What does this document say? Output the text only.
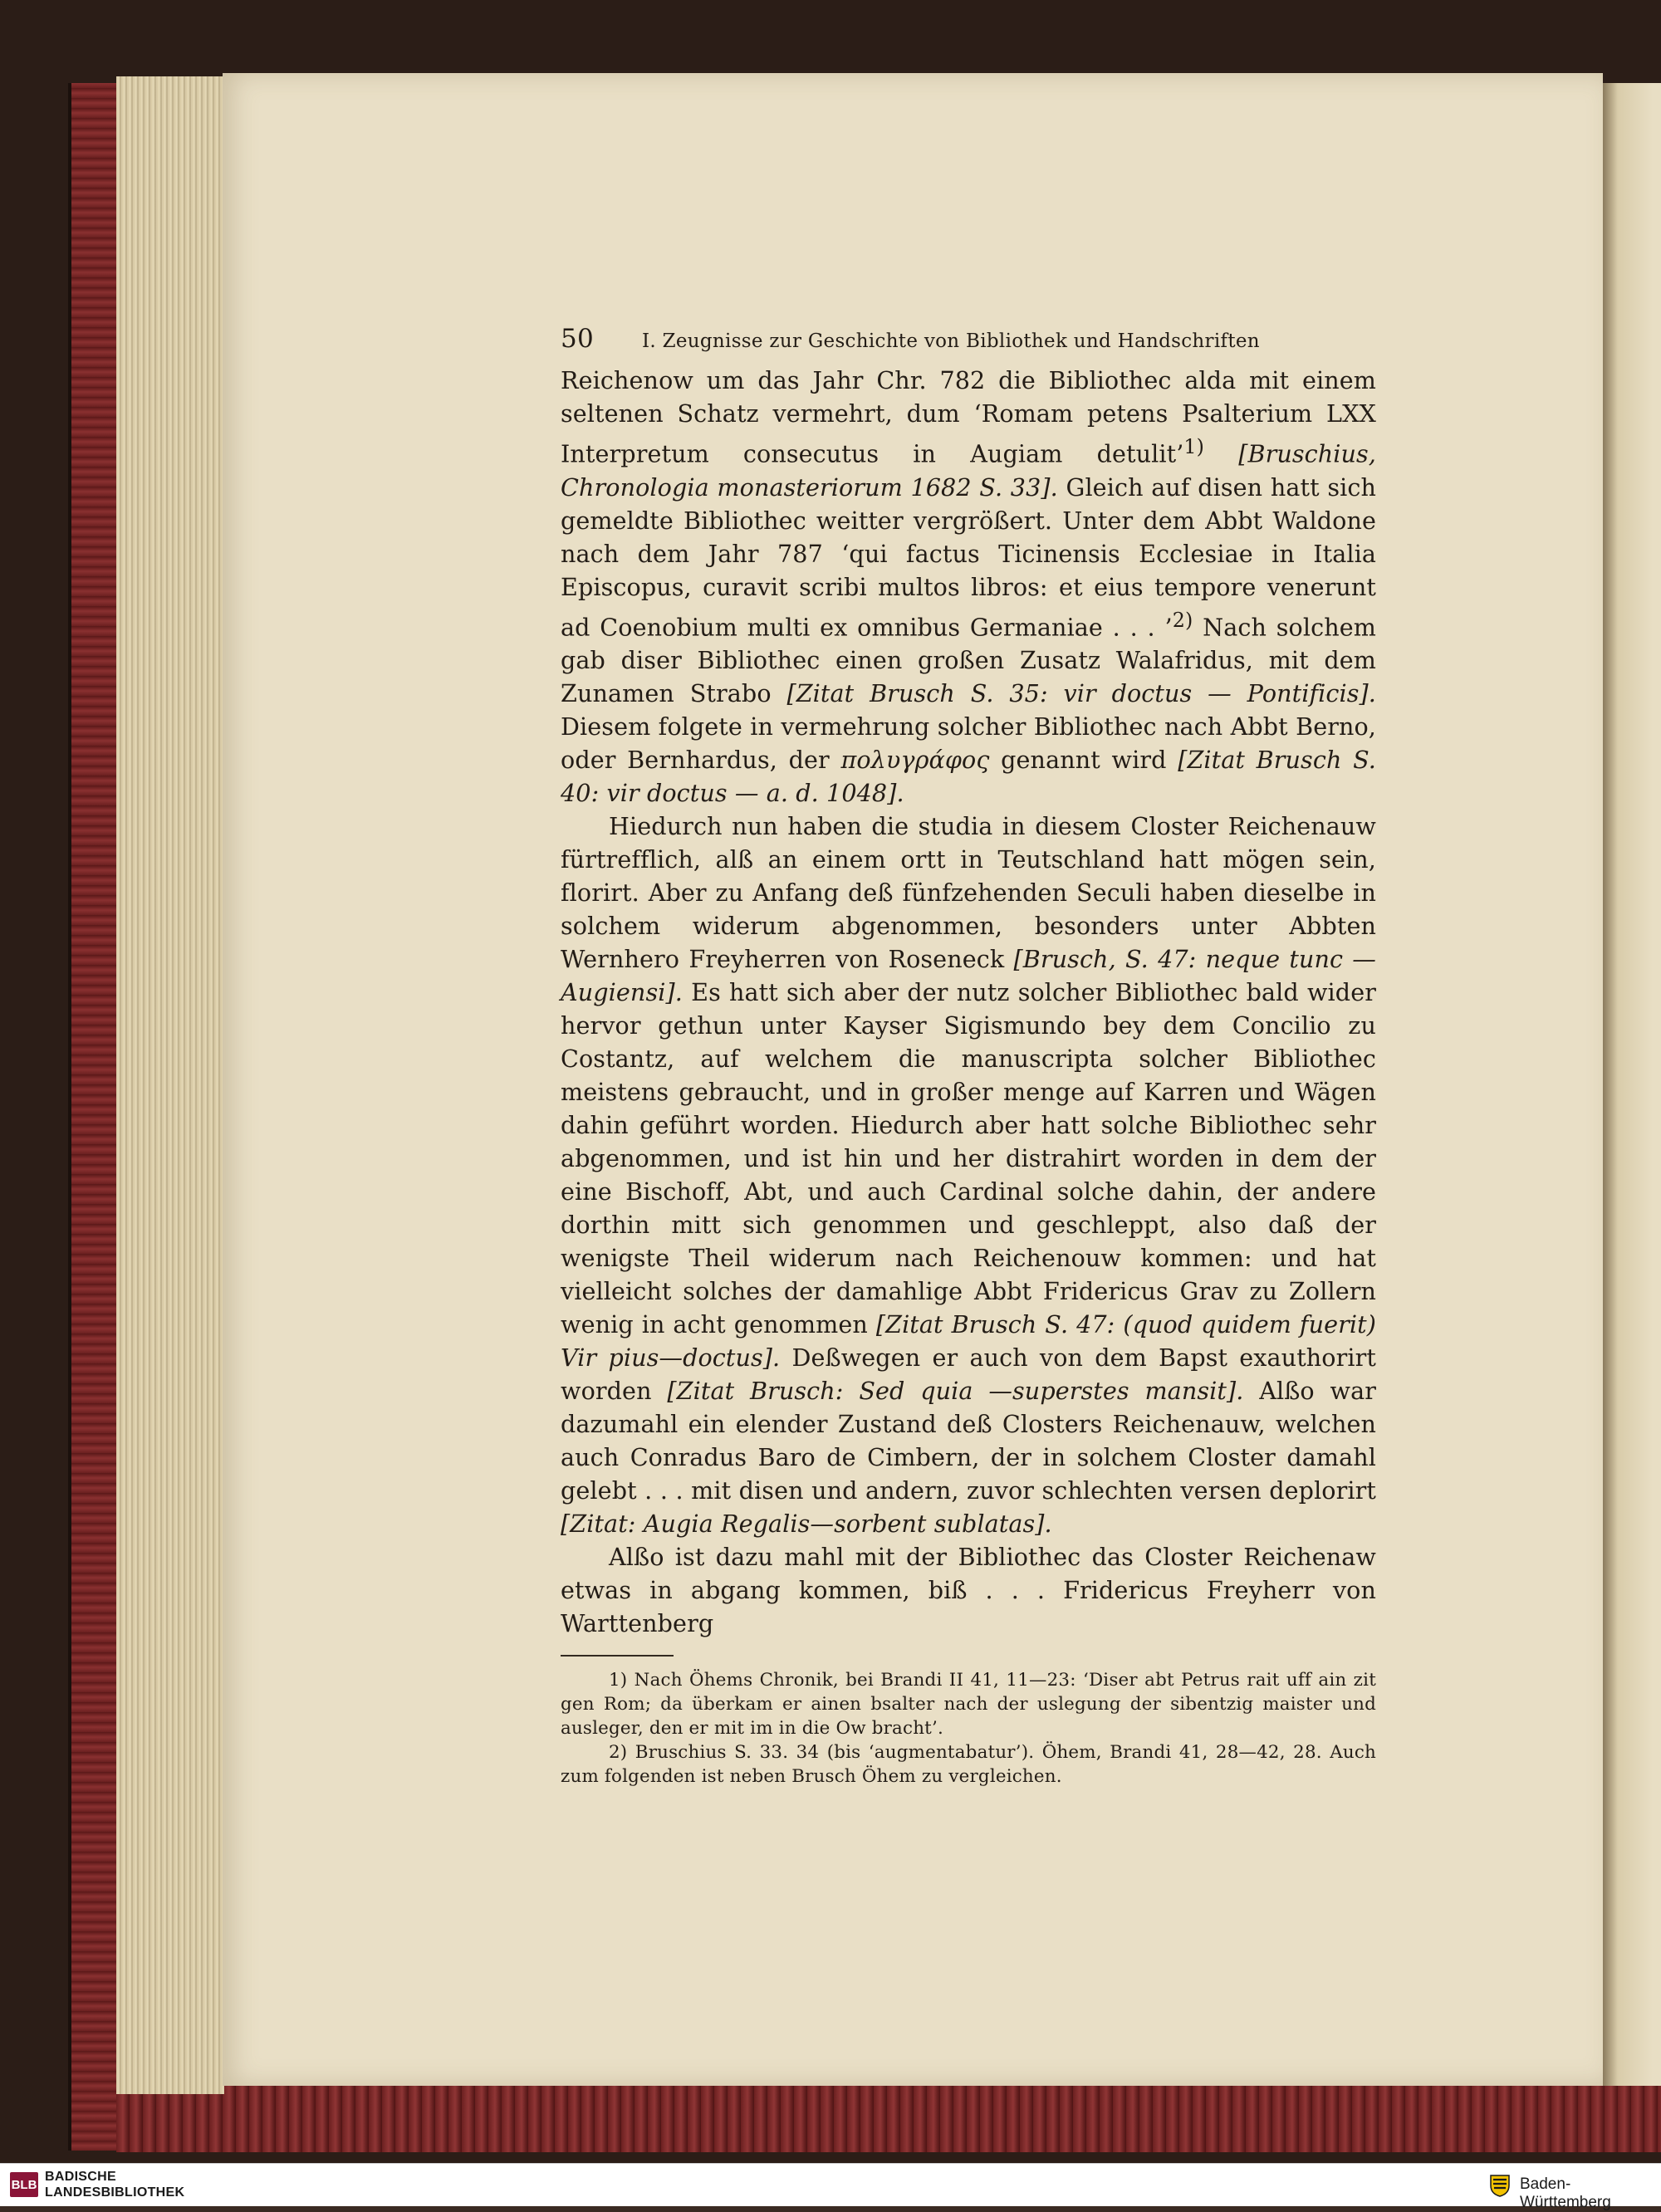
50	I. Zeugnisse zur Geschichte von Bibliothek und Handschriften

Reichenow um das Jahr Chr. 782 die Bibliothec alda mit einem seltenen Schatz vermehrt, dum ‘Romam petens Psalterium LXX Interpretum consecutus in Augiam detulit’$^{1)}$ [Bruschius, Chronologia monasteriorum 1682 S. 33]. Gleich auf disen hatt sich gemeldte Bibliothec weitter vergrößert. Unter dem Abbt Waldone nach dem Jahr 787 ‘qui factus Ticinensis Ecclesiae in Italia Episcopus, curavit scribi multos libros: et eius tempore venerunt ad Coenobium multi ex omnibus Germaniae . . . ’$^{2)}$ Nach solchem gab diser Bibliothec einen großen Zusatz Walafridus, mit dem Zunamen Strabo [Zitat Brusch S. 35: vir doctus — Pontificis]. Diesem folgete in vermehrung solcher Bibliothec nach Abbt Berno, oder Bernhardus, der πολυγράφος genannt wird [Zitat Brusch S. 40: vir doctus — a. d. 1048].

Hiedurch nun haben die studia in diesem Closter Reichenauw fürtrefflich, alß an einem ortt in Teutschland hatt mögen sein, florirt. Aber zu Anfang deß fünfzehenden Seculi haben dieselbe in solchem widerum abgenommen, besonders unter Abbten Wernhero Freyherren von Roseneck [Brusch, S. 47: neque tunc — Augiensi]. Es hatt sich aber der nutz solcher Bibliothec bald wider hervor gethun unter Kayser Sigismundo bey dem Concilio zu Costantz, auf welchem die manuscripta solcher Bibliothec meistens gebraucht, und in großer menge auf Karren und Wägen dahin geführt worden. Hiedurch aber hatt solche Bibliothec sehr abgenommen, und ist hin und her distrahirt worden in dem der eine Bischoff, Abt, und auch Cardinal solche dahin, der andere dorthin mitt sich genommen und geschleppt, also daß der wenigste Theil widerum nach Reichenouw kommen: und hat vielleicht solches der damahlige Abbt Fridericus Grav zu Zollern wenig in acht genommen [Zitat Brusch S. 47: (quod quidem fuerit) Vir pius—doctus]. Deßwegen er auch von dem Bapst exauthorirt worden [Zitat Brusch: Sed quia —superstes mansit]. Alßo war dazumahl ein elender Zustand deß Closters Reichenauw, welchen auch Conradus Baro de Cimbern, der in solchem Closter damahl gelebt . . . mit disen und andern, zuvor schlechten versen deplorirt [Zitat: Augia Regalis—sorbent sublatas].

Alßo ist dazu mahl mit der Bibliothec das Closter Reichenaw etwas in abgang kommen, biß . . . Fridericus Freyherr von Warttenberg

1) Nach Öhems Chronik, bei Brandi II 41, 11—23: ‘Diser abt Petrus rait uff ain zit gen Rom; da überkam er ainen bsalter nach der uslegung der sibentzig maister und ausleger, den er mit im in die Ow bracht’.

2) Bruschius S. 33. 34 (bis ‘augmentabatur’). Öhem, Brandi 41, 28—42, 28. Auch zum folgenden ist neben Brusch Öhem zu vergleichen.

BLB
BADISCHE
LANDESBIBLIOTHEK	Baden-Württemberg
